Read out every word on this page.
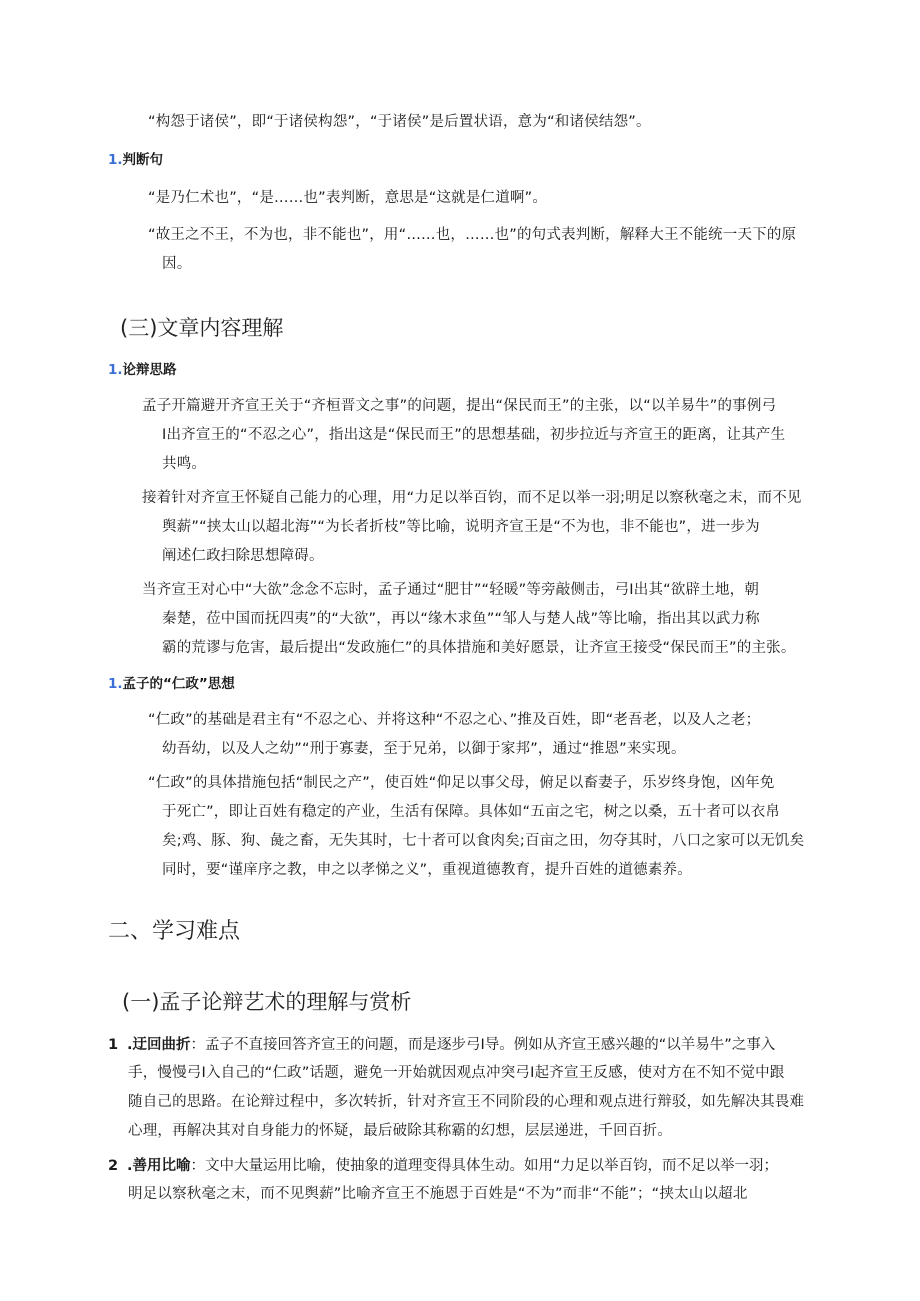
“构怨于诸侯”，即“于诸侯构怨”，“于诸侯”是后置状语，意为“和诸侯结怨”。

1.判断句

“是乃仁术也”，“是……也”表判断，意思是“这就是仁道啊”。

“故王之不王，不为也，非不能也”，用“……也，……也”的句式表判断，解释大王不能统一天下的原

因。

(三)文章内容理解
1.论辩思路

孟子开篇避开齐宣王关于“齐桓晋文之事”的问题，提出“保民而王”的主张，以“以羊易牛”的事例弓

I出齐宣王的“不忍之心”，指出这是“保民而王”的思想基础，初步拉近与齐宣王的距离，让其产生

共鸣。

接着针对齐宣王怀疑自己能力的心理，用“力足以举百钧，而不足以举一羽;明足以察秋毫之末，而不见

舆薪”“挟太山以超北海”“为长者折枝”等比喻，说明齐宣王是“不为也，非不能也”，进一步为

阐述仁政扫除思想障碍。

当齐宣王对心中“大欲”念念不忘时，孟子通过“肥甘”“轻暖”等旁敲侧击，弓I出其“欲辟土地，朝

秦楚，莅中国而抚四夷”的“大欲”，再以“缘木求鱼”“邹人与楚人战”等比喻，指出其以武力称

霸的荒谬与危害，最后提出“发政施仁”的具体措施和美好愿景，让齐宣王接受“保民而王”的主张。

1.孟子的“仁政”思想

“仁政”的基础是君主有“不忍之心、并将这种“不忍之心、”推及百姓，即“老吾老，以及人之老；

幼吾幼，以及人之幼”“刑于寡妻，至于兄弟，以御于家邦”，通过“推恩”来实现。

“仁政”的具体措施包括“制民之产”，使百姓“仰足以事父母，俯足以畜妻子，乐岁终身饱，凶年免

于死亡”，即让百姓有稳定的产业，生活有保障。具体如“五亩之宅，树之以桑，五十者可以衣帛

矣;鸡、豚、狗、彘之畜，无失其时，七十者可以食肉矣;百亩之田，勿夺其时，八口之家可以无饥矣

同时，要“谨庠序之教，申之以孝悌之义”，重视道德教育，提升百姓的道德素养。

二、学习难点
(一)孟子论辩艺术的理解与赏析
1 .迂回曲折：孟子不直接回答齐宣王的问题，而是逐步弓I导。例如从齐宣王感兴趣的“以羊易牛”之事入

手，慢慢弓I入自己的“仁政”话题，避免一开始就因观点冲突弓I起齐宣王反感，使对方在不知不觉中跟

随自己的思路。在论辩过程中，多次转折，针对齐宣王不同阶段的心理和观点进行辩驳，如先解决其畏难

心理，再解决其对自身能力的怀疑，最后破除其称霸的幻想，层层递进，千回百折。

2 .善用比喻：文中大量运用比喻，使抽象的道理变得具体生动。如用“力足以举百钧，而不足以举一羽；

明足以察秋毫之末，而不见舆薪”比喻齐宣王不施恩于百姓是“不为”而非“不能”；“挟太山以超北
